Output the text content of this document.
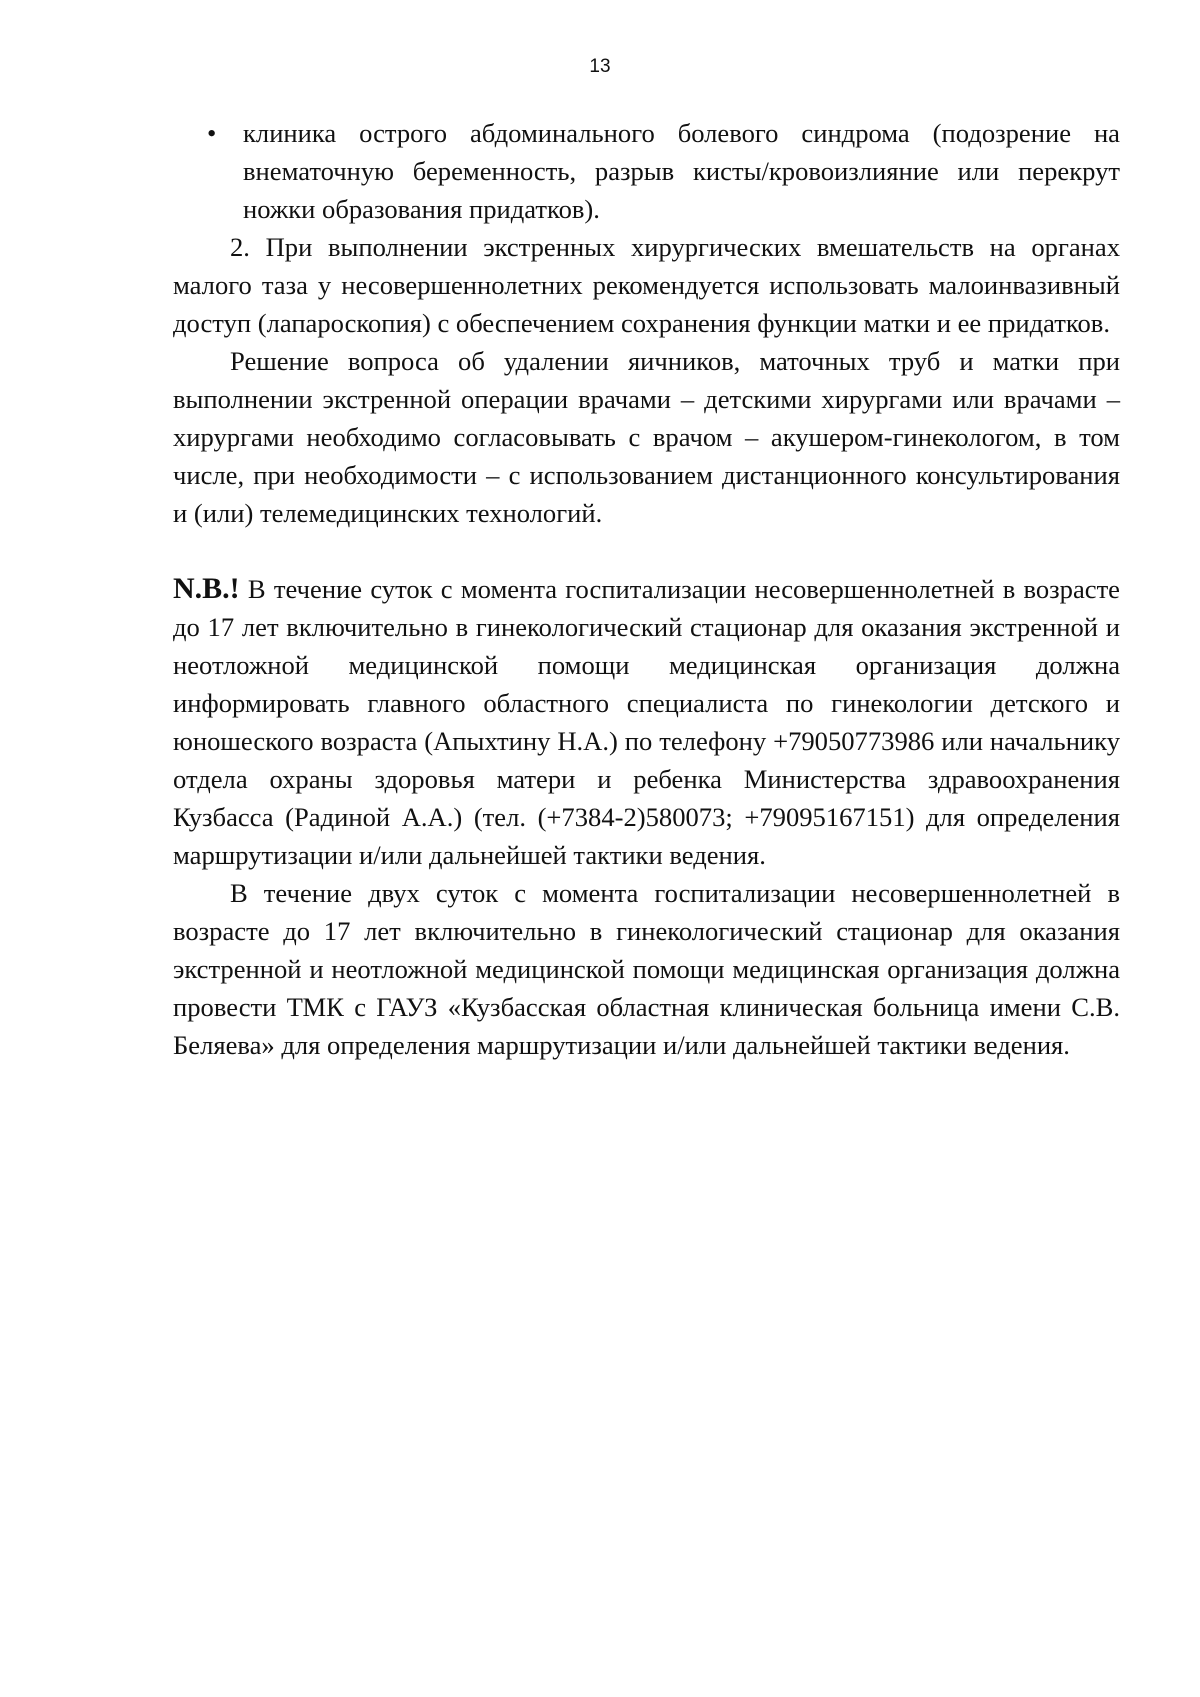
13
• клиника острого абдоминального болевого синдрома (подозрение на внематочную беременность, разрыв кисты/кровоизлияние или перекрут ножки образования придатков).

2. При выполнении экстренных хирургических вмешательств на органах малого таза у несовершеннолетних рекомендуется использовать малоинвазивный доступ (лапароскопия) с обеспечением сохранения функции матки и ее придатков.

Решение вопроса об удалении яичников, маточных труб и матки при выполнении экстренной операции врачами – детскими хирургами или врачами – хирургами необходимо согласовывать с врачом – акушером-гинекологом, в том числе, при необходимости – с использованием дистанционного консультирования и (или) телемедицинских технологий.

N.B.! В течение суток с момента госпитализации несовершеннолетней в возрасте до 17 лет включительно в гинекологический стационар для оказания экстренной и неотложной медицинской помощи медицинская организация должна информировать главного областного специалиста по гинекологии детского и юношеского возраста (Апыхтину Н.А.) по телефону +79050773986 или начальнику отдела охраны здоровья матери и ребенка Министерства здравоохранения Кузбасса (Радиной А.А.) (тел. (+7384-2)580073; +79095167151) для определения маршрутизации и/или дальнейшей тактики ведения.

В течение двух суток с момента госпитализации несовершеннолетней в возрасте до 17 лет включительно в гинекологический стационар для оказания экстренной и неотложной медицинской помощи медицинская организация должна провести ТМК с ГАУЗ «Кузбасская областная клиническая больница имени С.В. Беляева» для определения маршрутизации и/или дальнейшей тактики ведения.
